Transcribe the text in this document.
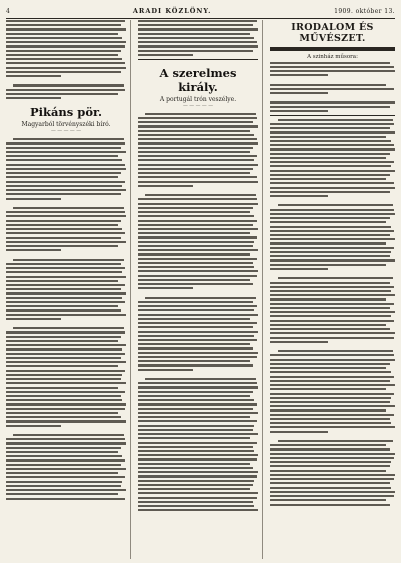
4	ARADI KÖZLÖNY.	1909. október 13.
Pikáns pör.
Magyarból törvényszéki bíró.
— — — — —
A szerelmes király.
A portugál trón veszélye.
— — — — —
IRODALOM ÉS MŰVÉSZET.
A szinház műsora:
